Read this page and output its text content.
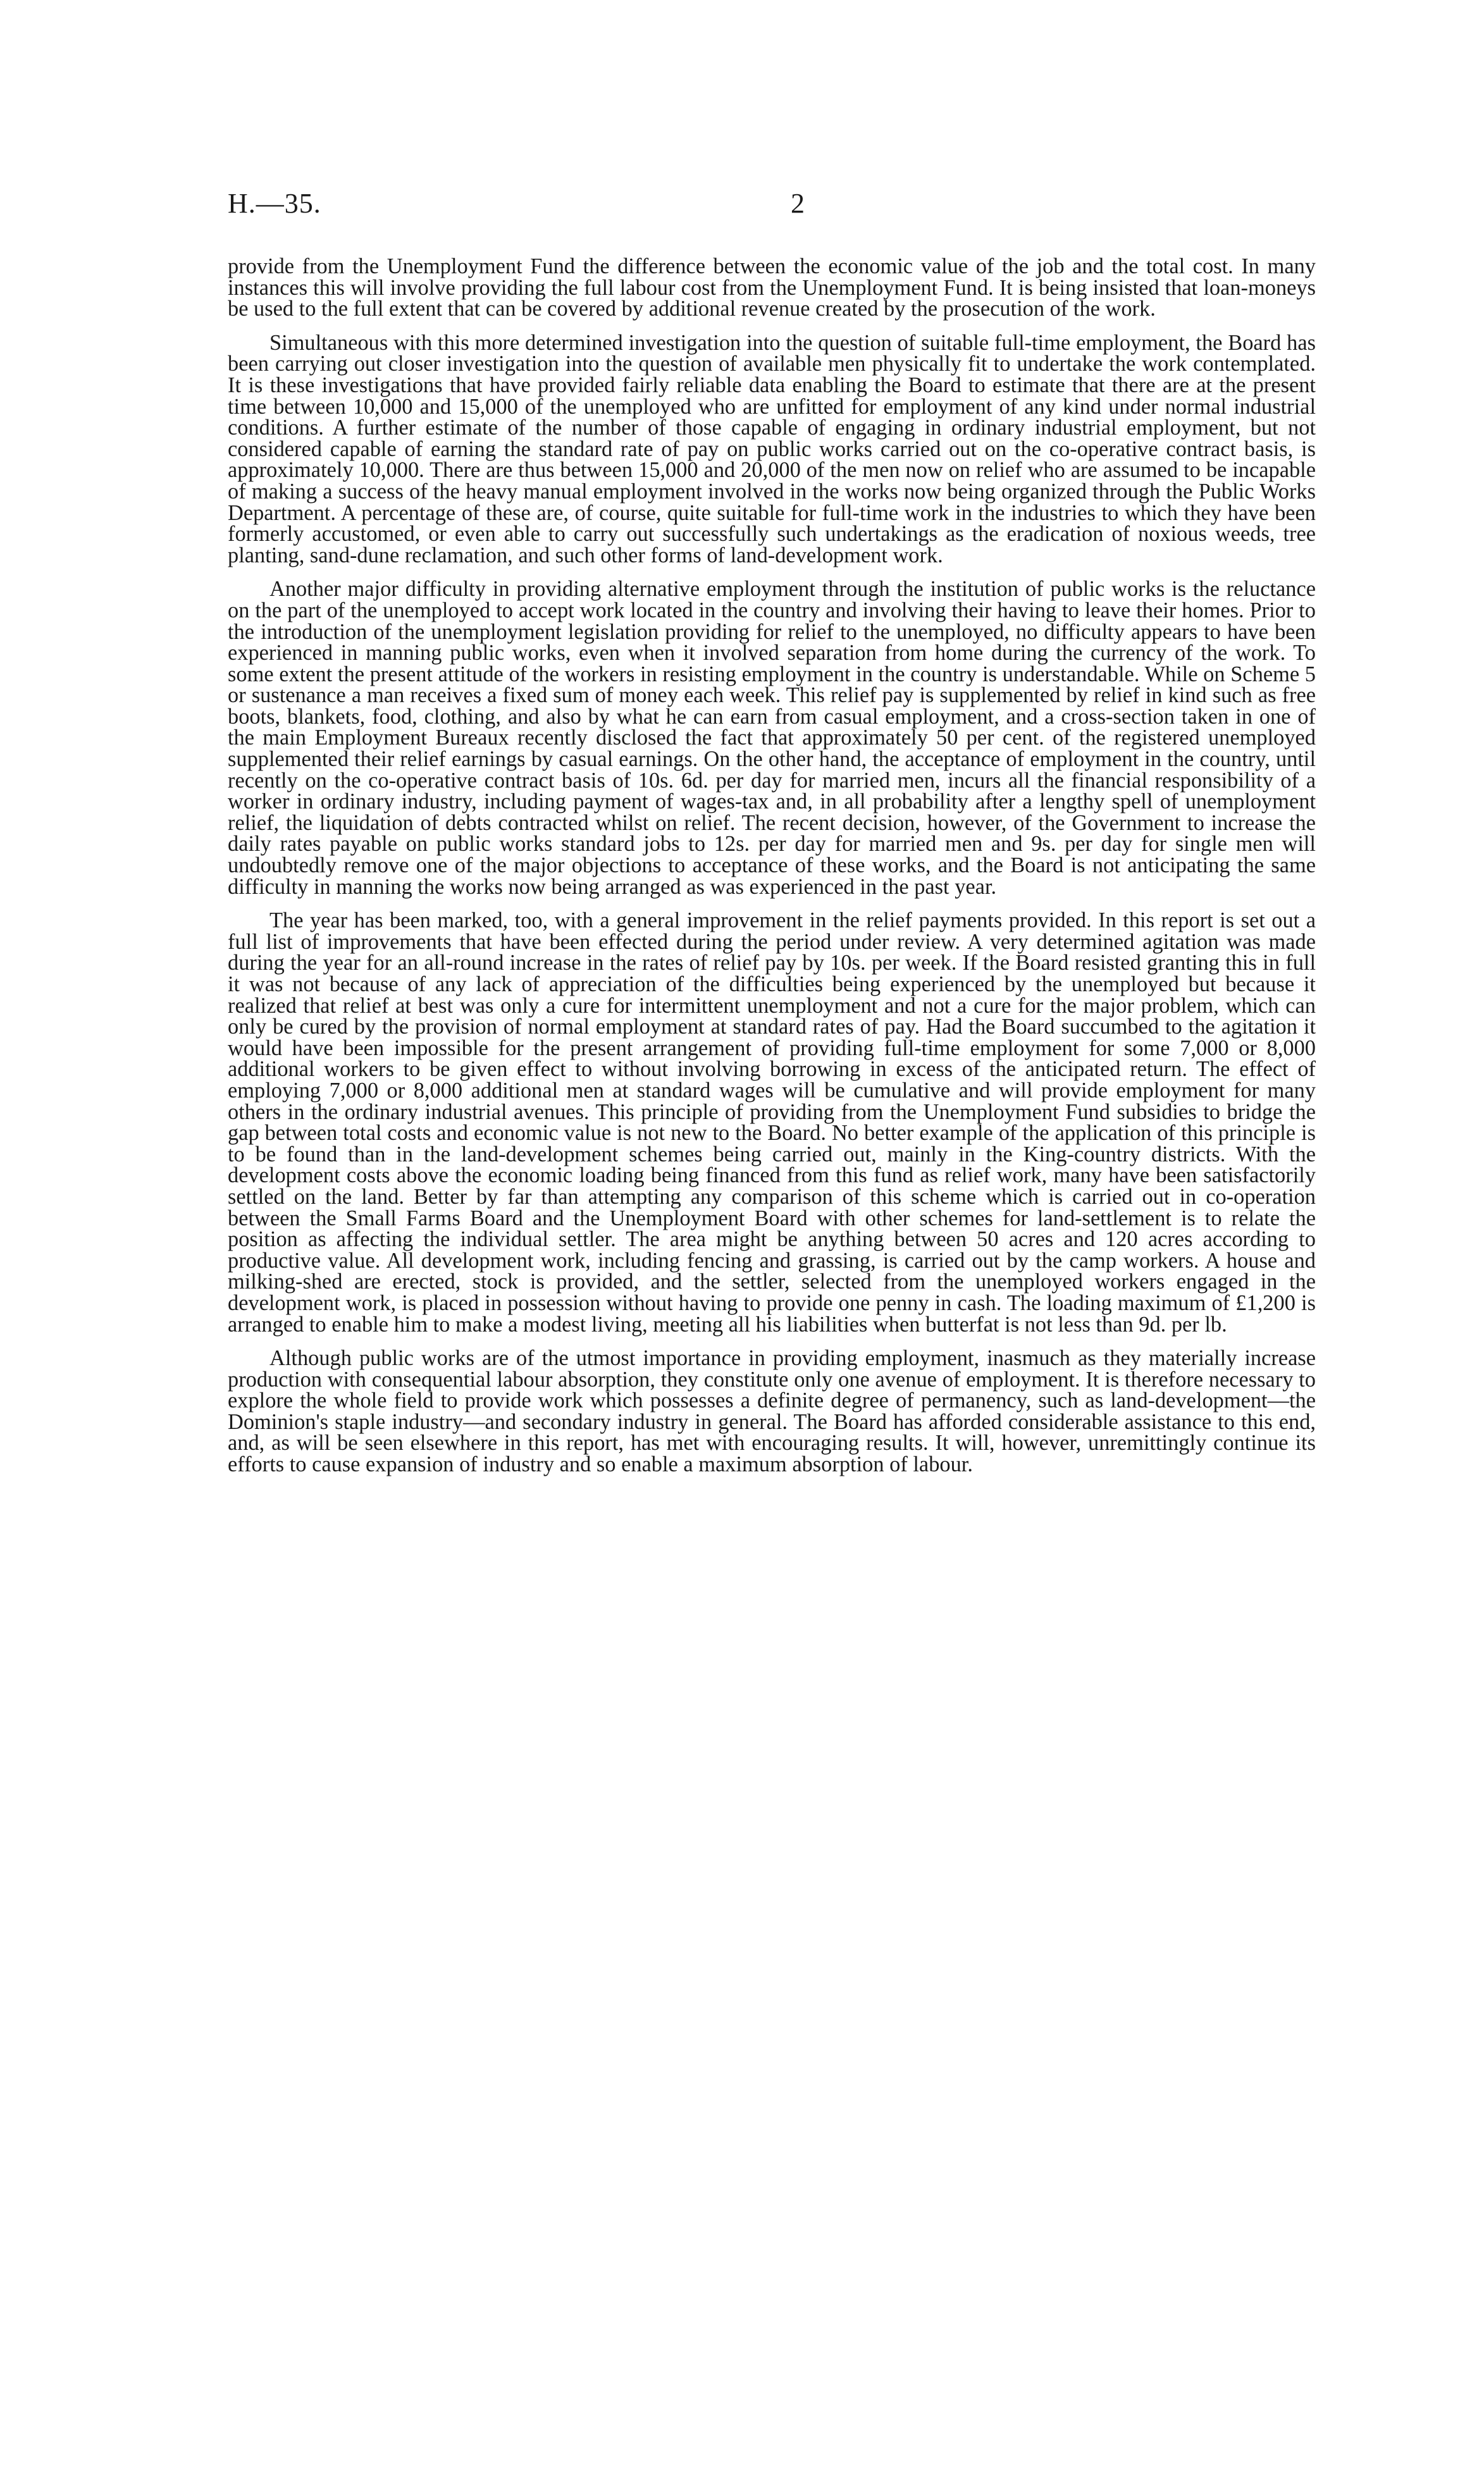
H.—35.	2

provide from the Unemployment Fund the difference between the economic value of the job and the total cost. In many instances this will involve providing the full labour cost from the Unemployment Fund. It is being insisted that loan-moneys be used to the full extent that can be covered by additional revenue created by the prosecution of the work.

Simultaneous with this more determined investigation into the question of suitable full-time employment, the Board has been carrying out closer investigation into the question of available men physically fit to undertake the work contemplated. It is these investigations that have provided fairly reliable data enabling the Board to estimate that there are at the present time between 10,000 and 15,000 of the unemployed who are unfitted for employment of any kind under normal industrial conditions. A further estimate of the number of those capable of engaging in ordinary industrial employment, but not considered capable of earning the standard rate of pay on public works carried out on the co-operative contract basis, is approximately 10,000. There are thus between 15,000 and 20,000 of the men now on relief who are assumed to be incapable of making a success of the heavy manual employment involved in the works now being organized through the Public Works Department. A percentage of these are, of course, quite suitable for full-time work in the industries to which they have been formerly accustomed, or even able to carry out successfully such undertakings as the eradication of noxious weeds, tree planting, sand-dune reclamation, and such other forms of land-development work.

Another major difficulty in providing alternative employment through the institution of public works is the reluctance on the part of the unemployed to accept work located in the country and involving their having to leave their homes. Prior to the introduction of the unemployment legislation providing for relief to the unemployed, no difficulty appears to have been experienced in manning public works, even when it involved separation from home during the currency of the work. To some extent the present attitude of the workers in resisting employment in the country is understandable. While on Scheme 5 or sustenance a man receives a fixed sum of money each week. This relief pay is supplemented by relief in kind such as free boots, blankets, food, clothing, and also by what he can earn from casual employment, and a cross-section taken in one of the main Employment Bureaux recently disclosed the fact that approximately 50 per cent. of the registered unemployed supplemented their relief earnings by casual earnings. On the other hand, the acceptance of employment in the country, until recently on the co-operative contract basis of 10s. 6d. per day for married men, incurs all the financial responsibility of a worker in ordinary industry, including payment of wages-tax and, in all probability after a lengthy spell of unemployment relief, the liquidation of debts contracted whilst on relief. The recent decision, however, of the Government to increase the daily rates payable on public works standard jobs to 12s. per day for married men and 9s. per day for single men will undoubtedly remove one of the major objections to acceptance of these works, and the Board is not anticipating the same difficulty in manning the works now being arranged as was experienced in the past year.

The year has been marked, too, with a general improvement in the relief payments provided. In this report is set out a full list of improvements that have been effected during the period under review. A very determined agitation was made during the year for an all-round increase in the rates of relief pay by 10s. per week. If the Board resisted granting this in full it was not because of any lack of appreciation of the difficulties being experienced by the unemployed but because it realized that relief at best was only a cure for intermittent unemployment and not a cure for the major problem, which can only be cured by the provision of normal employment at standard rates of pay. Had the Board succumbed to the agitation it would have been impossible for the present arrangement of providing full-time employment for some 7,000 or 8,000 additional workers to be given effect to without involving borrowing in excess of the anticipated return. The effect of employing 7,000 or 8,000 additional men at standard wages will be cumulative and will provide employment for many others in the ordinary industrial avenues. This principle of providing from the Unemployment Fund subsidies to bridge the gap between total costs and economic value is not new to the Board. No better example of the application of this principle is to be found than in the land-development schemes being carried out, mainly in the King-country districts. With the development costs above the economic loading being financed from this fund as relief work, many have been satisfactorily settled on the land. Better by far than attempting any comparison of this scheme which is carried out in co-operation between the Small Farms Board and the Unemployment Board with other schemes for land-settlement is to relate the position as affecting the individual settler. The area might be anything between 50 acres and 120 acres according to productive value. All development work, including fencing and grassing, is carried out by the camp workers. A house and milking-shed are erected, stock is provided, and the settler, selected from the unemployed workers engaged in the development work, is placed in possession without having to provide one penny in cash. The loading maximum of £1,200 is arranged to enable him to make a modest living, meeting all his liabilities when butterfat is not less than 9d. per lb.

Although public works are of the utmost importance in providing employment, inasmuch as they materially increase production with consequential labour absorption, they constitute only one avenue of employment. It is therefore necessary to explore the whole field to provide work which possesses a definite degree of permanency, such as land-development—the Dominion's staple industry—and secondary industry in general. The Board has afforded considerable assistance to this end, and, as will be seen elsewhere in this report, has met with encouraging results. It will, however, unremittingly continue its efforts to cause expansion of industry and so enable a maximum absorption of labour.
